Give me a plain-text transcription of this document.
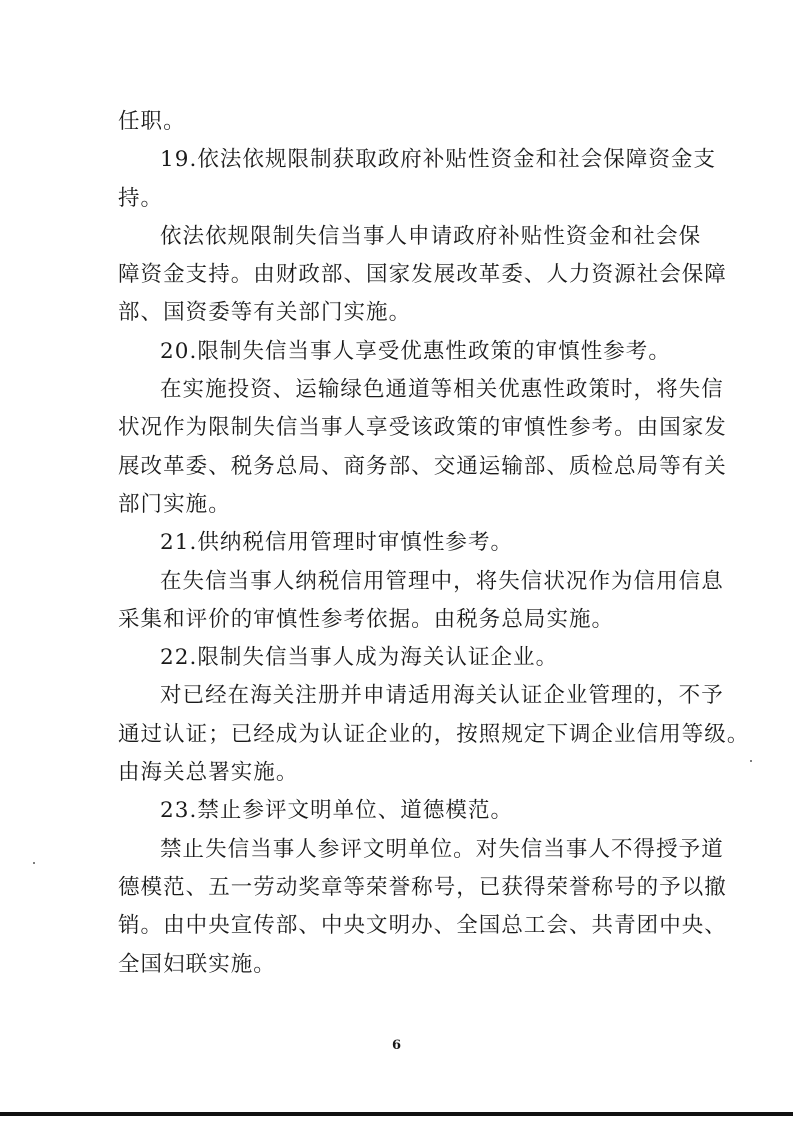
任职。
19.依法依规限制获取政府补贴性资金和社会保障资金支
持。
依法依规限制失信当事人申请政府补贴性资金和社会保
障资金支持。由财政部、国家发展改革委、人力资源社会保障
部、国资委等有关部门实施。
20.限制失信当事人享受优惠性政策的审慎性参考。
在实施投资、运输绿色通道等相关优惠性政策时，将失信
状况作为限制失信当事人享受该政策的审慎性参考。由国家发
展改革委、税务总局、商务部、交通运输部、质检总局等有关
部门实施。
21.供纳税信用管理时审慎性参考。
在失信当事人纳税信用管理中，将失信状况作为信用信息
采集和评价的审慎性参考依据。由税务总局实施。
22.限制失信当事人成为海关认证企业。
对已经在海关注册并申请适用海关认证企业管理的，不予
通过认证；已经成为认证企业的，按照规定下调企业信用等级。
由海关总署实施。
23.禁止参评文明单位、道德模范。
禁止失信当事人参评文明单位。对失信当事人不得授予道
德模范、五一劳动奖章等荣誉称号，已获得荣誉称号的予以撤
销。由中央宣传部、中央文明办、全国总工会、共青团中央、
全国妇联实施。
6
